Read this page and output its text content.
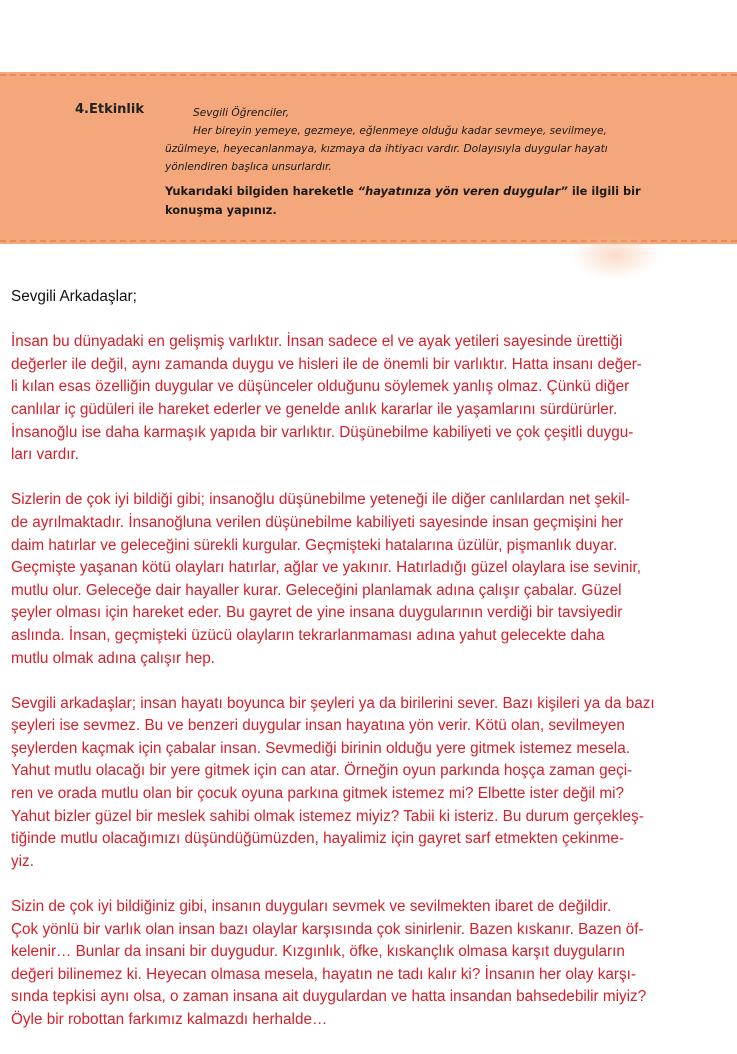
4.Etkinlik	Sevgili Öğrenciler,
Her bireyin yemeye, gezmeye, eğlenmeye olduğu kadar sevmeye, sevilmeye,
üzülmeye, heyecanlanmaya, kızmaya da ihtiyacı vardır. Dolayısıyla duygular hayatı
yönlendiren başlıca unsurlardır.
Yukarıdaki bilgiden hareketle “hayatınıza yön veren duygular” ile ilgili bir
konuşma yapınız.
Sevgili Arkadaşlar;

İnsan bu dünyadaki en gelişmiş varlıktır. İnsan sadece el ve ayak yetileri sayesinde ürettiği
değerler ile değil, aynı zamanda duygu ve hisleri ile de önemli bir varlıktır. Hatta insanı değer-
li kılan esas özelliğin duygular ve düşünceler olduğunu söylemek yanlış olmaz. Çünkü diğer
canlılar iç güdüleri ile hareket ederler ve genelde anlık kararlar ile yaşamlarını sürdürürler.
İnsanoğlu ise daha karmaşık yapıda bir varlıktır. Düşünebilme kabiliyeti ve çok çeşitli duygu-
ları vardır.

Sizlerin de çok iyi bildiği gibi; insanoğlu düşünebilme yeteneği ile diğer canlılardan net şekil-
de ayrılmaktadır. İnsanoğluna verilen düşünebilme kabiliyeti sayesinde insan geçmişini her
daim hatırlar ve geleceğini sürekli kurgular. Geçmişteki hatalarına üzülür, pişmanlık duyar.
Geçmişte yaşanan kötü olayları hatırlar, ağlar ve yakınır. Hatırladığı güzel olaylara ise sevinir,
mutlu olur. Geleceğe dair hayaller kurar. Geleceğini planlamak adına çalışır çabalar. Güzel
şeyler olması için hareket eder. Bu gayret de yine insana duygularının verdiği bir tavsiyedir
aslında. İnsan, geçmişteki üzücü olayların tekrarlanmaması adına yahut gelecekte daha
mutlu olmak adına çalışır hep.

Sevgili arkadaşlar; insan hayatı boyunca bir şeyleri ya da birilerini sever. Bazı kişileri ya da bazı
şeyleri ise sevmez. Bu ve benzeri duygular insan hayatına yön verir. Kötü olan, sevilmeyen
şeylerden kaçmak için çabalar insan. Sevmediği birinin olduğu yere gitmek istemez mesela.
Yahut mutlu olacağı bir yere gitmek için can atar. Örneğin oyun parkında hoşça zaman geçi-
ren ve orada mutlu olan bir çocuk oyuna parkına gitmek istemez mi? Elbette ister değil mi?
Yahut bizler güzel bir meslek sahibi olmak istemez miyiz? Tabii ki isteriz. Bu durum gerçekleş-
tiğinde mutlu olacağımızı düşündüğümüzden, hayalimiz için gayret sarf etmekten çekinme-
yiz.

Sizin de çok iyi bildiğiniz gibi, insanın duyguları sevmek ve sevilmekten ibaret de değildir.
Çok yönlü bir varlık olan insan bazı olaylar karşısında çok sinirlenir. Bazen kıskanır. Bazen öf-
kelenir… Bunlar da insani bir duygudur. Kızgınlık, öfke, kıskançlık olmasa karşıt duyguların
değeri bilinemez ki. Heyecan olmasa mesela, hayatın ne tadı kalır ki? İnsanın her olay karşı-
sında tepkisi aynı olsa, o zaman insana ait duygulardan ve hatta insandan bahsedebilir miyiz?
Öyle bir robottan farkımız kalmazdı herhalde…
